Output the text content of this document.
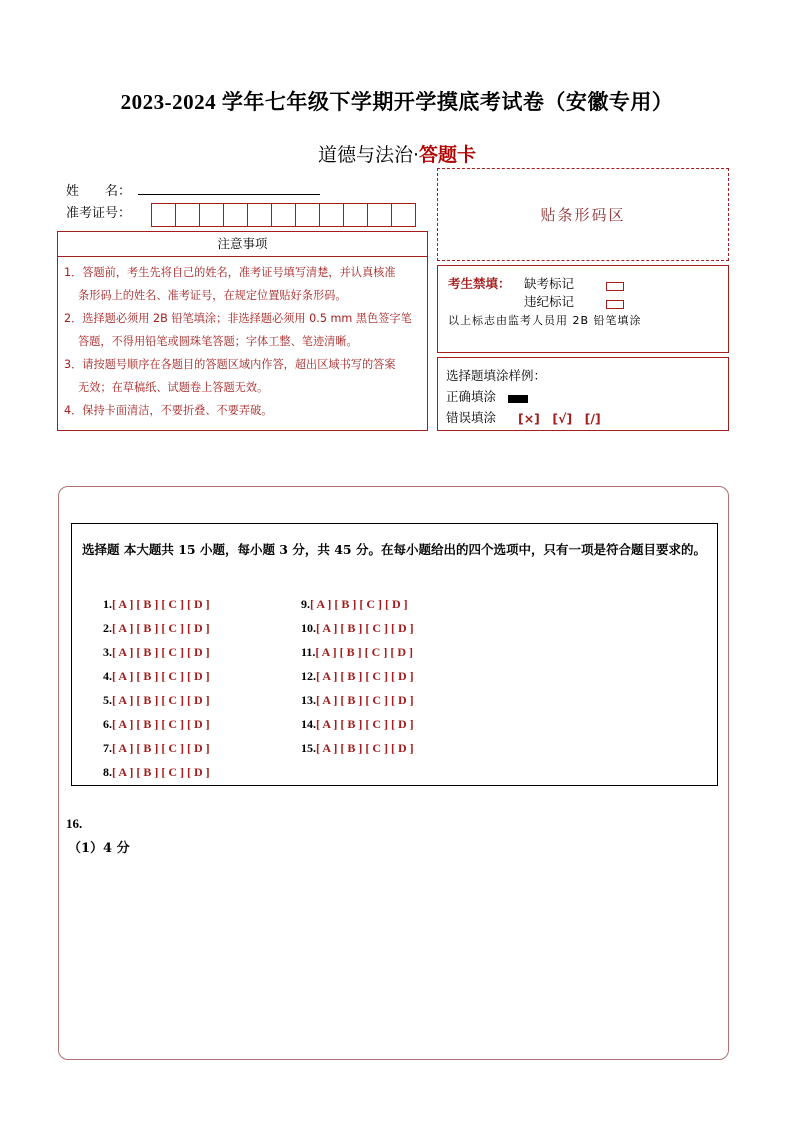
2023-2024 学年七年级下学期开学摸底考试卷（安徽专用）
道德与法治·答题卡
姓　　名：
准考证号：	贴条形码区
注意事项
1．答题前，考生先将自己的姓名，准考证号填写清楚，并认真核准
条形码上的姓名、准考证号，在规定位置贴好条形码。
2．选择题必须用 2B 铅笔填涂；非选择题必须用 0.5 mm 黑色签字笔
答题，不得用铅笔或圆珠笔答题；字体工整、笔迹清晰。
3．请按题号顺序在各题目的答题区域内作答，超出区域书写的答案
无效；在草稿纸、试题卷上答题无效。
4．保持卡面清洁，不要折叠、不要弄破。
考生禁填： 缺考标记
违纪标记
以上标志由监考人员用 2B 铅笔填涂
选择题填涂样例：
正确填涂
错误填涂 [×]　[√]　[/]
选择题 本大题共 15 小题，每小题 3 分，共 45 分。在每小题给出的四个选项中，只有一项是符合题目要求的。
1.[ A ] [ B ] [ C ] [ D ]
2.[ A ] [ B ] [ C ] [ D ]
3.[ A ] [ B ] [ C ] [ D ]
4.[ A ] [ B ] [ C ] [ D ]
5.[ A ] [ B ] [ C ] [ D ]
6.[ A ] [ B ] [ C ] [ D ]
7.[ A ] [ B ] [ C ] [ D ]
8.[ A ] [ B ] [ C ] [ D ]
9.[ A ] [ B ] [ C ] [ D ]
10.[ A ] [ B ] [ C ] [ D ]
11.[ A ] [ B ] [ C ] [ D ]
12.[ A ] [ B ] [ C ] [ D ]
13.[ A ] [ B ] [ C ] [ D ]
14.[ A ] [ B ] [ C ] [ D ]
15.[ A ] [ B ] [ C ] [ D ]
16.
（1）4 分
